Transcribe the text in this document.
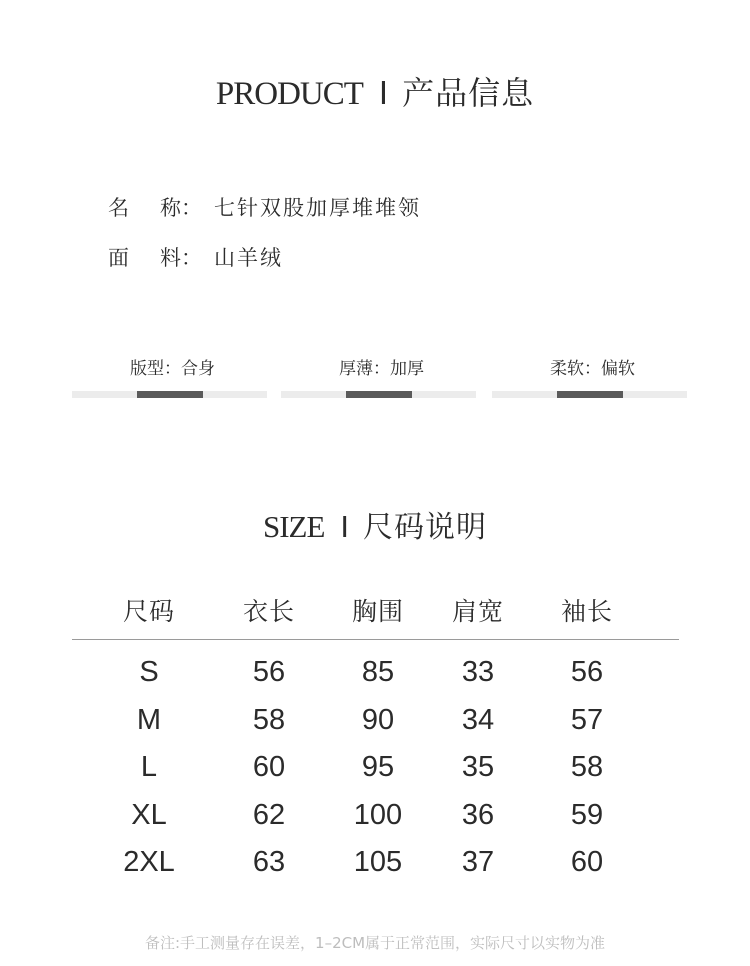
PRODUCT I 产品信息
名 称： 七针双股加厚堆堆领
面 料： 山羊绒
版型：合身	厚薄：加厚	柔软：偏软
SIZE I 尺码说明
尺码	衣长	胸围	肩宽	袖长
S	56	85	33	56
M	58	90	34	57
L	60	95	35	58
XL	62	100	36	59
2XL	63	105	37	60
备注:手工测量存在误差，1–2CM属于正常范围，实际尺寸以实物为准
